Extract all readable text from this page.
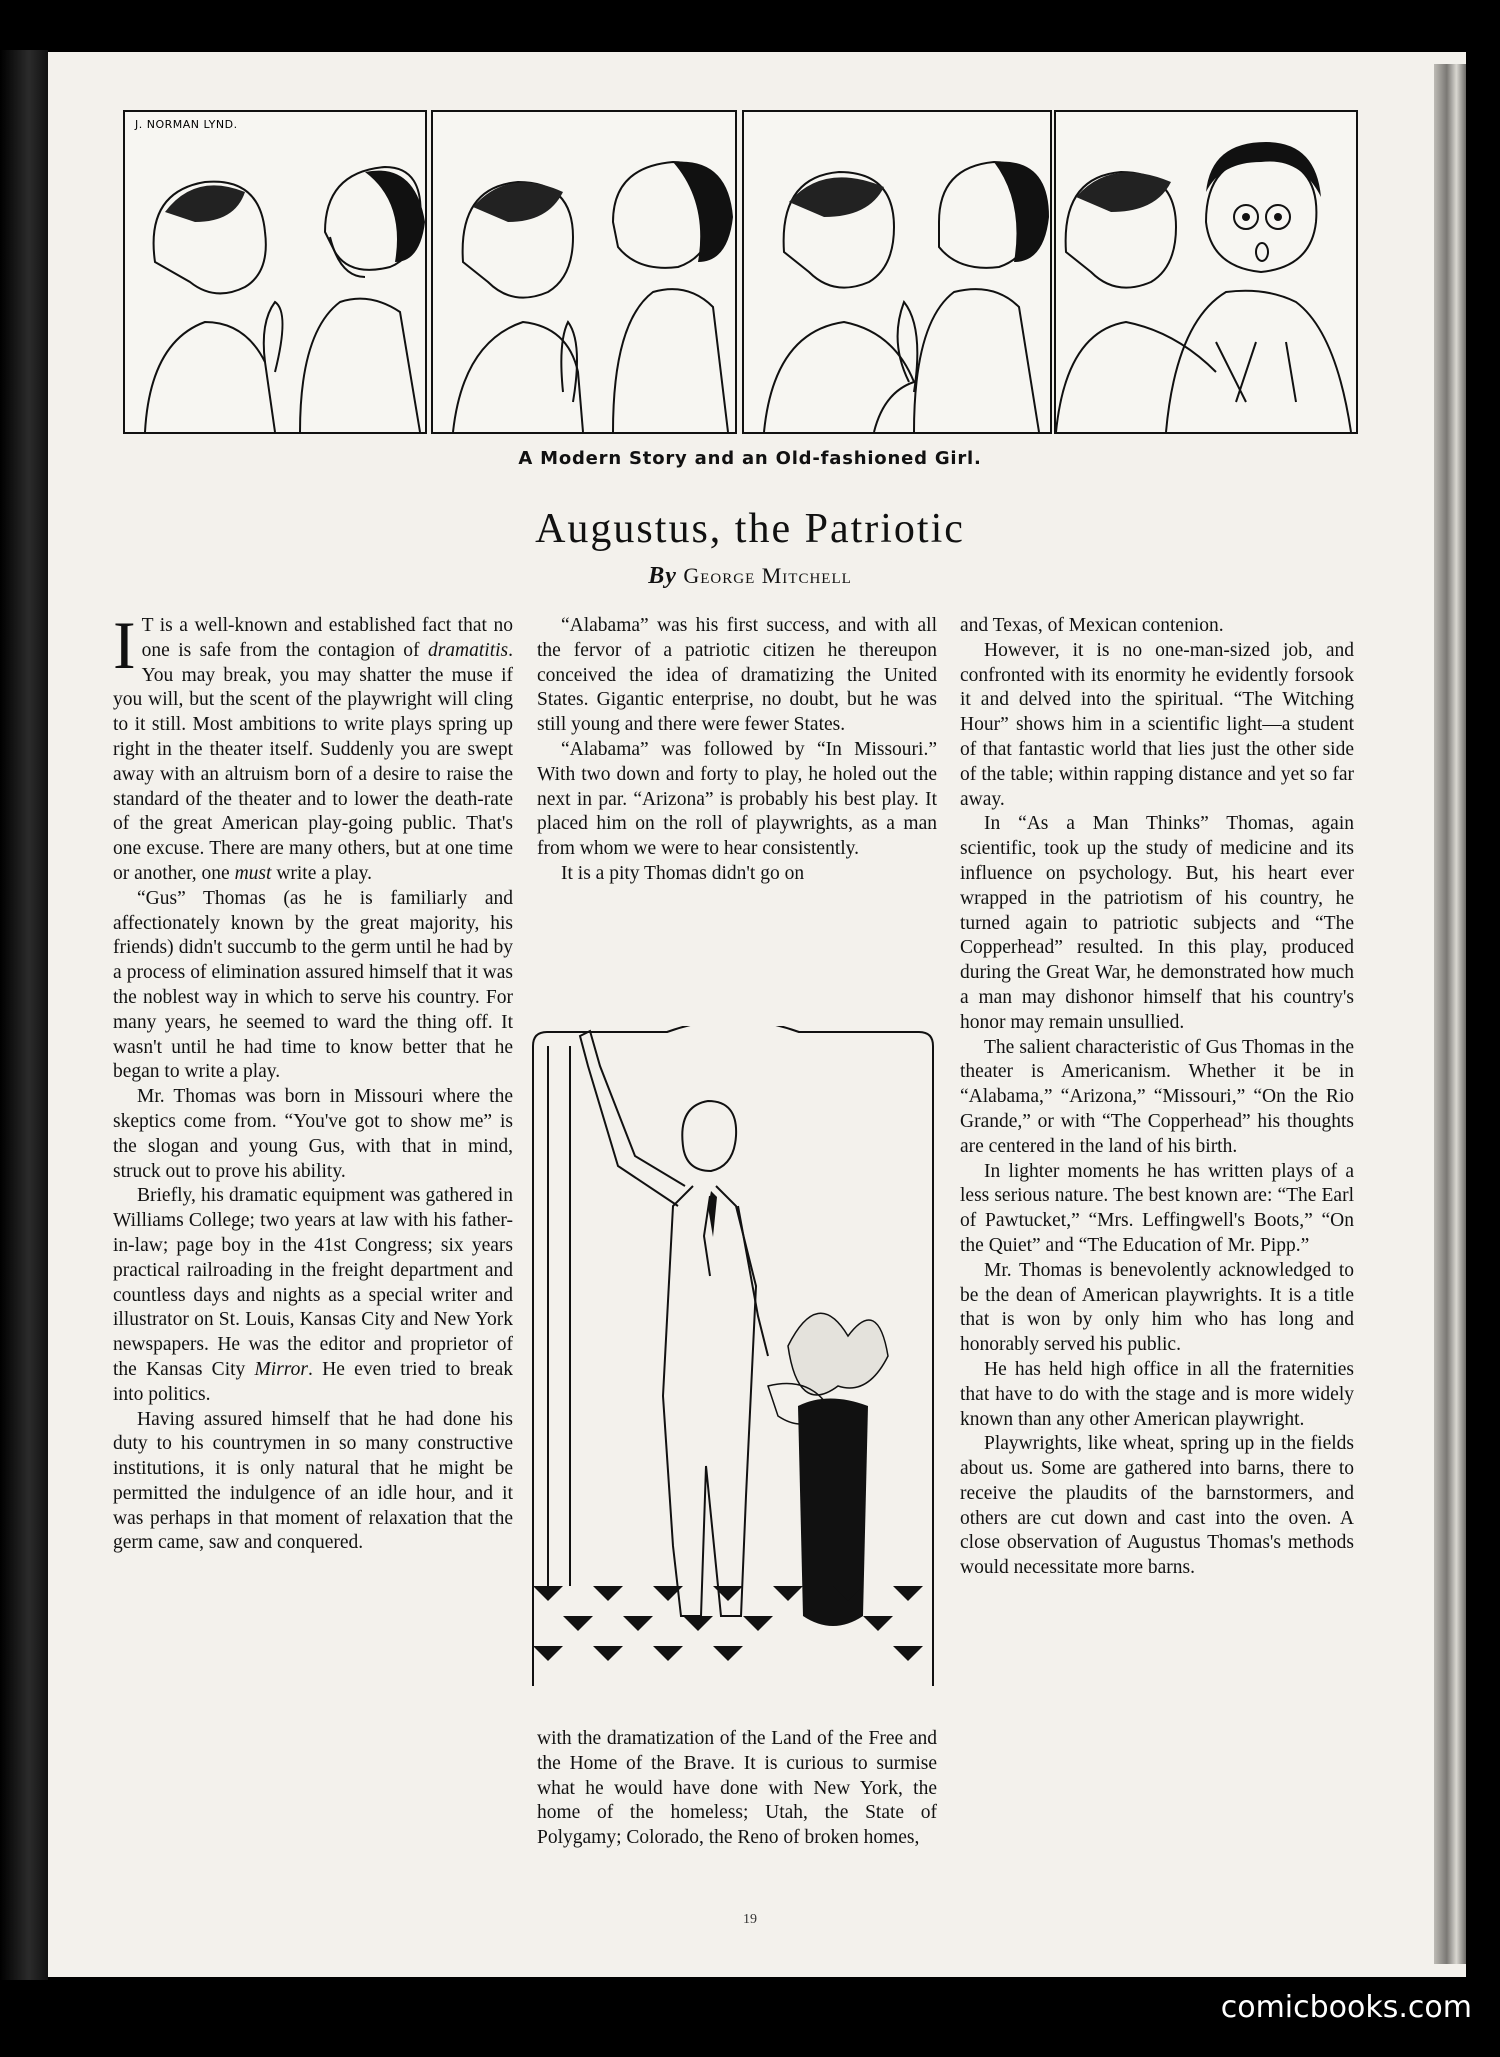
J. NORMAN LYND.
A Modern Story and an Old-fashioned Girl.
Augustus, the Patriotic
By George Mitchell

I T is a well-known and established fact that no one is safe from the contagion of dramatitis. You may break, you may shatter the muse if you will, but the scent of the playwright will cling to it still. Most ambitions to write plays spring up right in the theater itself. Suddenly you are swept away with an altruism born of a desire to raise the standard of the theater and to lower the death-rate of the great American play-going public. That's one excuse. There are many others, but at one time or another, one must write a play.

“Gus” Thomas (as he is familiarly and affectionately known by the great majority, his friends) didn't succumb to the germ until he had by a process of elimination assured himself that it was the noblest way in which to serve his country. For many years, he seemed to ward the thing off. It wasn't until he had time to know better that he began to write a play.

Mr. Thomas was born in Missouri where the skeptics come from. “You've got to show me” is the slogan and young Gus, with that in mind, struck out to prove his ability.

Briefly, his dramatic equipment was gathered in Williams College; two years at law with his father-in-law; page boy in the 41st Congress; six years practical railroading in the freight department and countless days and nights as a special writer and illustrator on St. Louis, Kansas City and New York newspapers. He was the editor and proprietor of the Kansas City Mirror. He even tried to break into politics.

Having assured himself that he had done his duty to his countrymen in so many constructive institutions, it is only natural that he might be permitted the indulgence of an idle hour, and it was perhaps in that moment of relaxation that the germ came, saw and conquered.

“Alabama” was his first success, and with all the fervor of a patriotic citizen he thereupon conceived the idea of dramatizing the United States. Gigantic enterprise, no doubt, but he was still young and there were fewer States.

“Alabama” was followed by “In Missouri.” With two down and forty to play, he holed out the next in par. “Arizona” is probably his best play. It placed him on the roll of playwrights, as a man from whom we were to hear consistently.

It is a pity Thomas didn't go on

with the dramatization of the Land of the Free and the Home of the Brave. It is curious to surmise what he would have done with New York, the home of the homeless; Utah, the State of Polygamy; Colorado, the Reno of broken homes,

and Texas, of Mexican contenion.

However, it is no one-man-sized job, and confronted with its enormity he evidently forsook it and delved into the spiritual. “The Witching Hour” shows him in a scientific light—a student of that fantastic world that lies just the other side of the table; within rapping distance and yet so far away.

In “As a Man Thinks” Thomas, again scientific, took up the study of medicine and its influence on psychology. But, his heart ever wrapped in the patriotism of his country, he turned again to patriotic subjects and “The Copperhead” resulted. In this play, produced during the Great War, he demonstrated how much a man may dishonor himself that his country's honor may remain unsullied.

The salient characteristic of Gus Thomas in the theater is Americanism. Whether it be in “Alabama,” “Arizona,” “Missouri,” “On the Rio Grande,” or with “The Copperhead” his thoughts are centered in the land of his birth.

In lighter moments he has written plays of a less serious nature. The best known are: “The Earl of Pawtucket,” “Mrs. Leffingwell's Boots,” “On the Quiet” and “The Education of Mr. Pipp.”

Mr. Thomas is benevolently acknowledged to be the dean of American playwrights. It is a title that is won by only him who has long and honorably served his public.

He has held high office in all the fraternities that have to do with the stage and is more widely known than any other American playwright.

Playwrights, like wheat, spring up in the fields about us. Some are gathered into barns, there to receive the plaudits of the barnstormers, and others are cut down and cast into the oven. A close observation of Augustus Thomas's methods would necessitate more barns.

19
comicbooks.com
